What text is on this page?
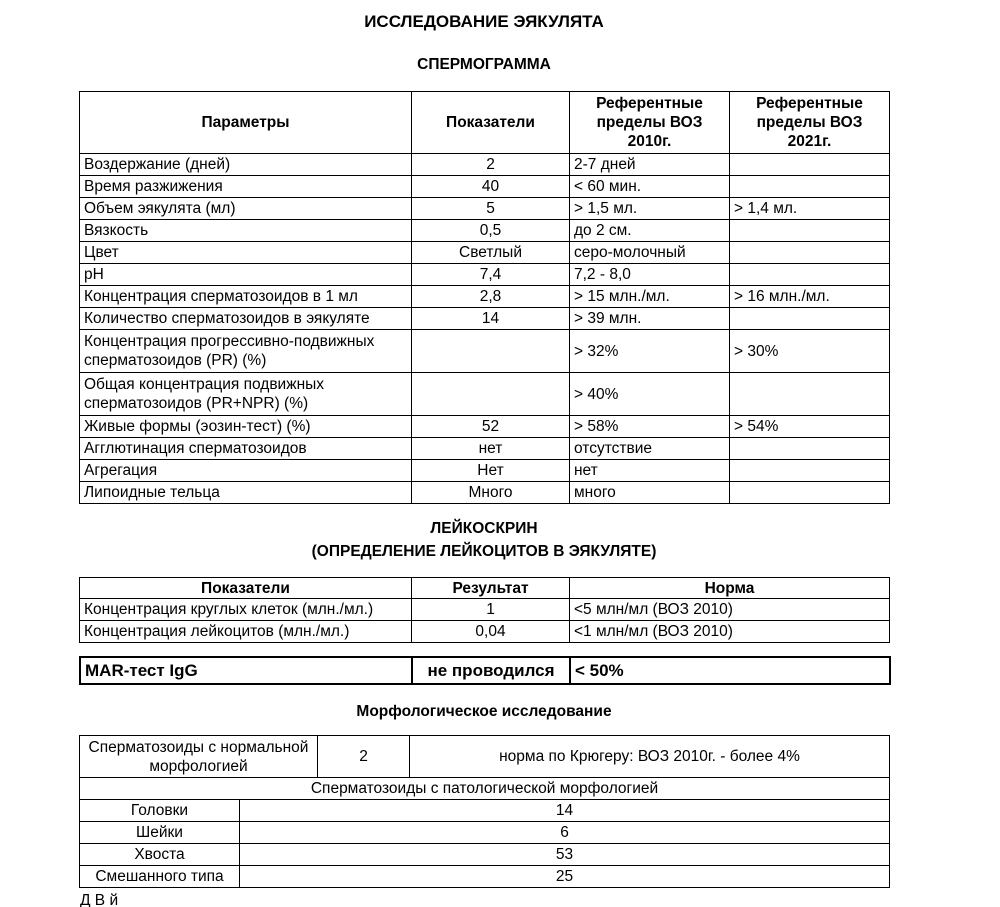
ИССЛЕДОВАНИЕ ЭЯКУЛЯТА
СПЕРМОГРАММА
Параметры	Показатели	Референтные пределы ВОЗ 2010г.	Референтные пределы ВОЗ 2021г.
Воздержание (дней)	2	2-7 дней	
Время разжижения	40	< 60 мин.	
Объем эякулята (мл)	5	> 1,5 мл.	> 1,4 мл.
Вязкость	0,5	до 2 см.	
Цвет	Светлый	серо-молочный	
pH	7,4	7,2 - 8,0	
Концентрация сперматозоидов в 1 мл	2,8	> 15 млн./мл.	> 16 млн./мл.
Количество сперматозоидов в эякуляте	14	> 39 млн.	
Концентрация прогрессивно-подвижных сперматозоидов (PR) (%)		> 32%	> 30%
Общая концентрация подвижных сперматозоидов (PR+NPR) (%)		> 40%	
Живые формы (эозин-тест) (%)	52	> 58%	> 54%
Агглютинация сперматозоидов	нет	отсутствие	
Агрегация	Нет	нет	
Липоидные тельца	Много	много	
ЛЕЙКОСКРИН
(ОПРЕДЕЛЕНИЕ ЛЕЙКОЦИТОВ В ЭЯКУЛЯТЕ)
Показатели	Результат	Норма
Концентрация круглых клеток (млн./мл.)	1	<5 млн/мл (ВОЗ 2010)
Концентрация лейкоцитов (млн./мл.)	0,04	<1 млн/мл (ВОЗ 2010)
MAR-тест IgG	не проводился	< 50%
Морфологическое исследование
Сперматозоиды с нормальной морфологией		2	норма по Крюгеру: ВОЗ 2010г. - более 4%
Сперматозоиды с патологической морфологией			
Головки	14		
Шейки	6		
Хвоста	53		
Смешанного типа	25		
Д В й
